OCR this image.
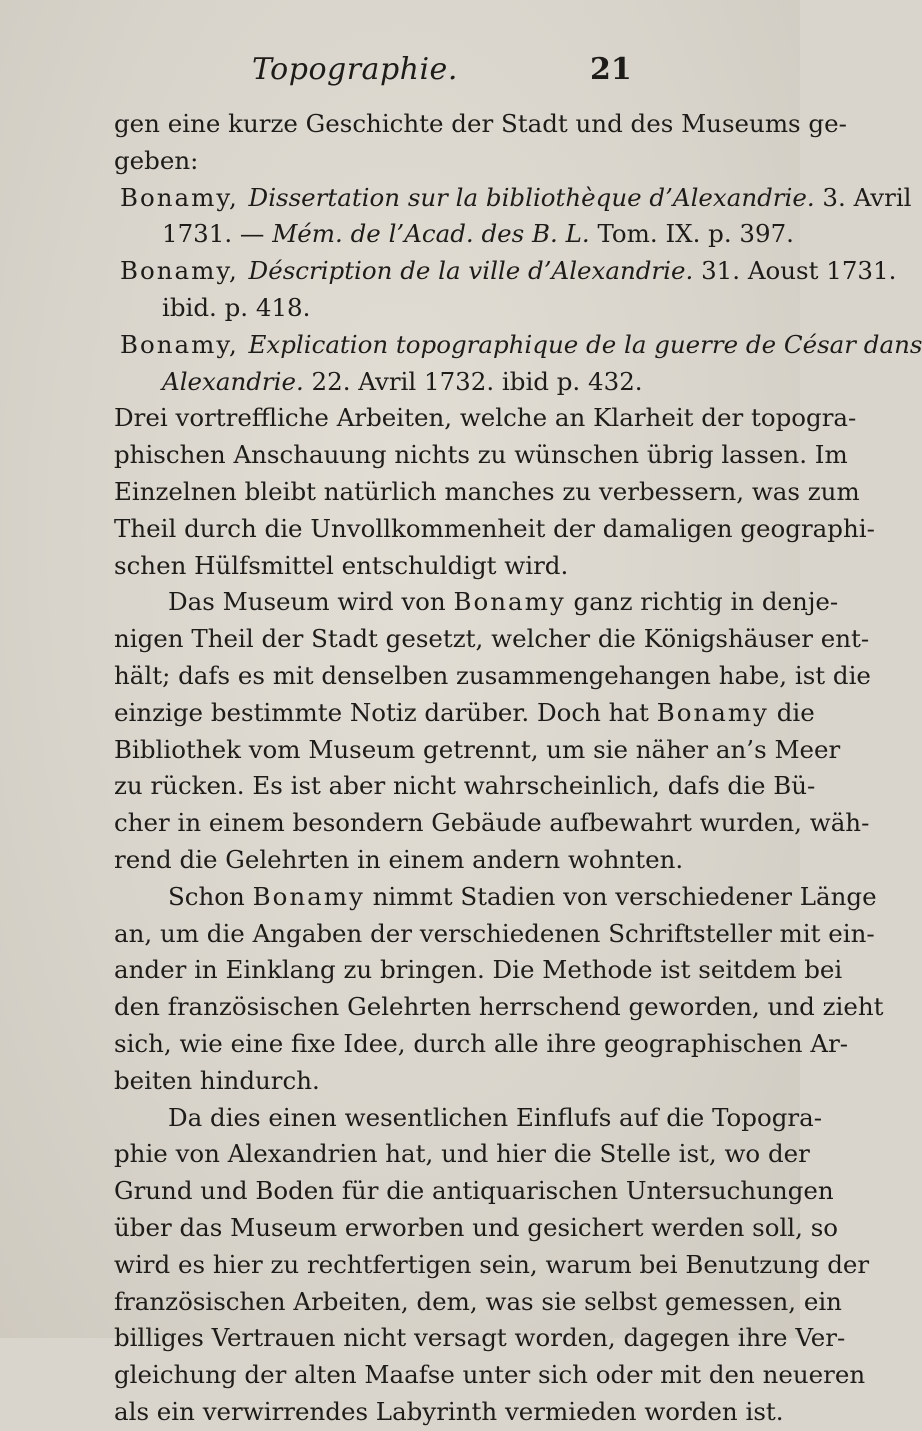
Topographie.	21
gen eine kurze Geschichte der Stadt und des Museums ge-
geben:
Bonamy, Dissertation sur la bibliothèque d’Alexandrie. 3. Avril
1731. — Mém. de l’Acad. des B. L. Tom. IX. p. 397.
Bonamy, Déscription de la ville d’Alexandrie. 31. Aoust 1731.
ibid. p. 418.
Bonamy, Explication topographique de la guerre de César dans
Alexandrie. 22. Avril 1732. ibid p. 432.
Drei vortreffliche Arbeiten, welche an Klarheit der topogra-
phischen Anschauung nichts zu wünschen übrig lassen. Im
Einzelnen bleibt natürlich manches zu verbessern, was zum
Theil durch die Unvollkommenheit der damaligen geographi-
schen Hülfsmittel entschuldigt wird.
Das Museum wird von Bonamy ganz richtig in denje-
nigen Theil der Stadt gesetzt, welcher die Königshäuser ent-
hält; dafs es mit denselben zusammengehangen habe, ist die
einzige bestimmte Notiz darüber. Doch hat Bonamy die
Bibliothek vom Museum getrennt, um sie näher an’s Meer
zu rücken. Es ist aber nicht wahrscheinlich, dafs die Bü-
cher in einem besondern Gebäude aufbewahrt wurden, wäh-
rend die Gelehrten in einem andern wohnten.
Schon Bonamy nimmt Stadien von verschiedener Länge
an, um die Angaben der verschiedenen Schriftsteller mit ein-
ander in Einklang zu bringen. Die Methode ist seitdem bei
den französischen Gelehrten herrschend geworden, und zieht
sich, wie eine fixe Idee, durch alle ihre geographischen Ar-
beiten hindurch.
Da dies einen wesentlichen Einflufs auf die Topogra-
phie von Alexandrien hat, und hier die Stelle ist, wo der
Grund und Boden für die antiquarischen Untersuchungen
über das Museum erworben und gesichert werden soll, so
wird es hier zu rechtfertigen sein, warum bei Benutzung der
französischen Arbeiten, dem, was sie selbst gemessen, ein
billiges Vertrauen nicht versagt worden, dagegen ihre Ver-
gleichung der alten Maafse unter sich oder mit den neueren
als ein verwirrendes Labyrinth vermieden worden ist.
